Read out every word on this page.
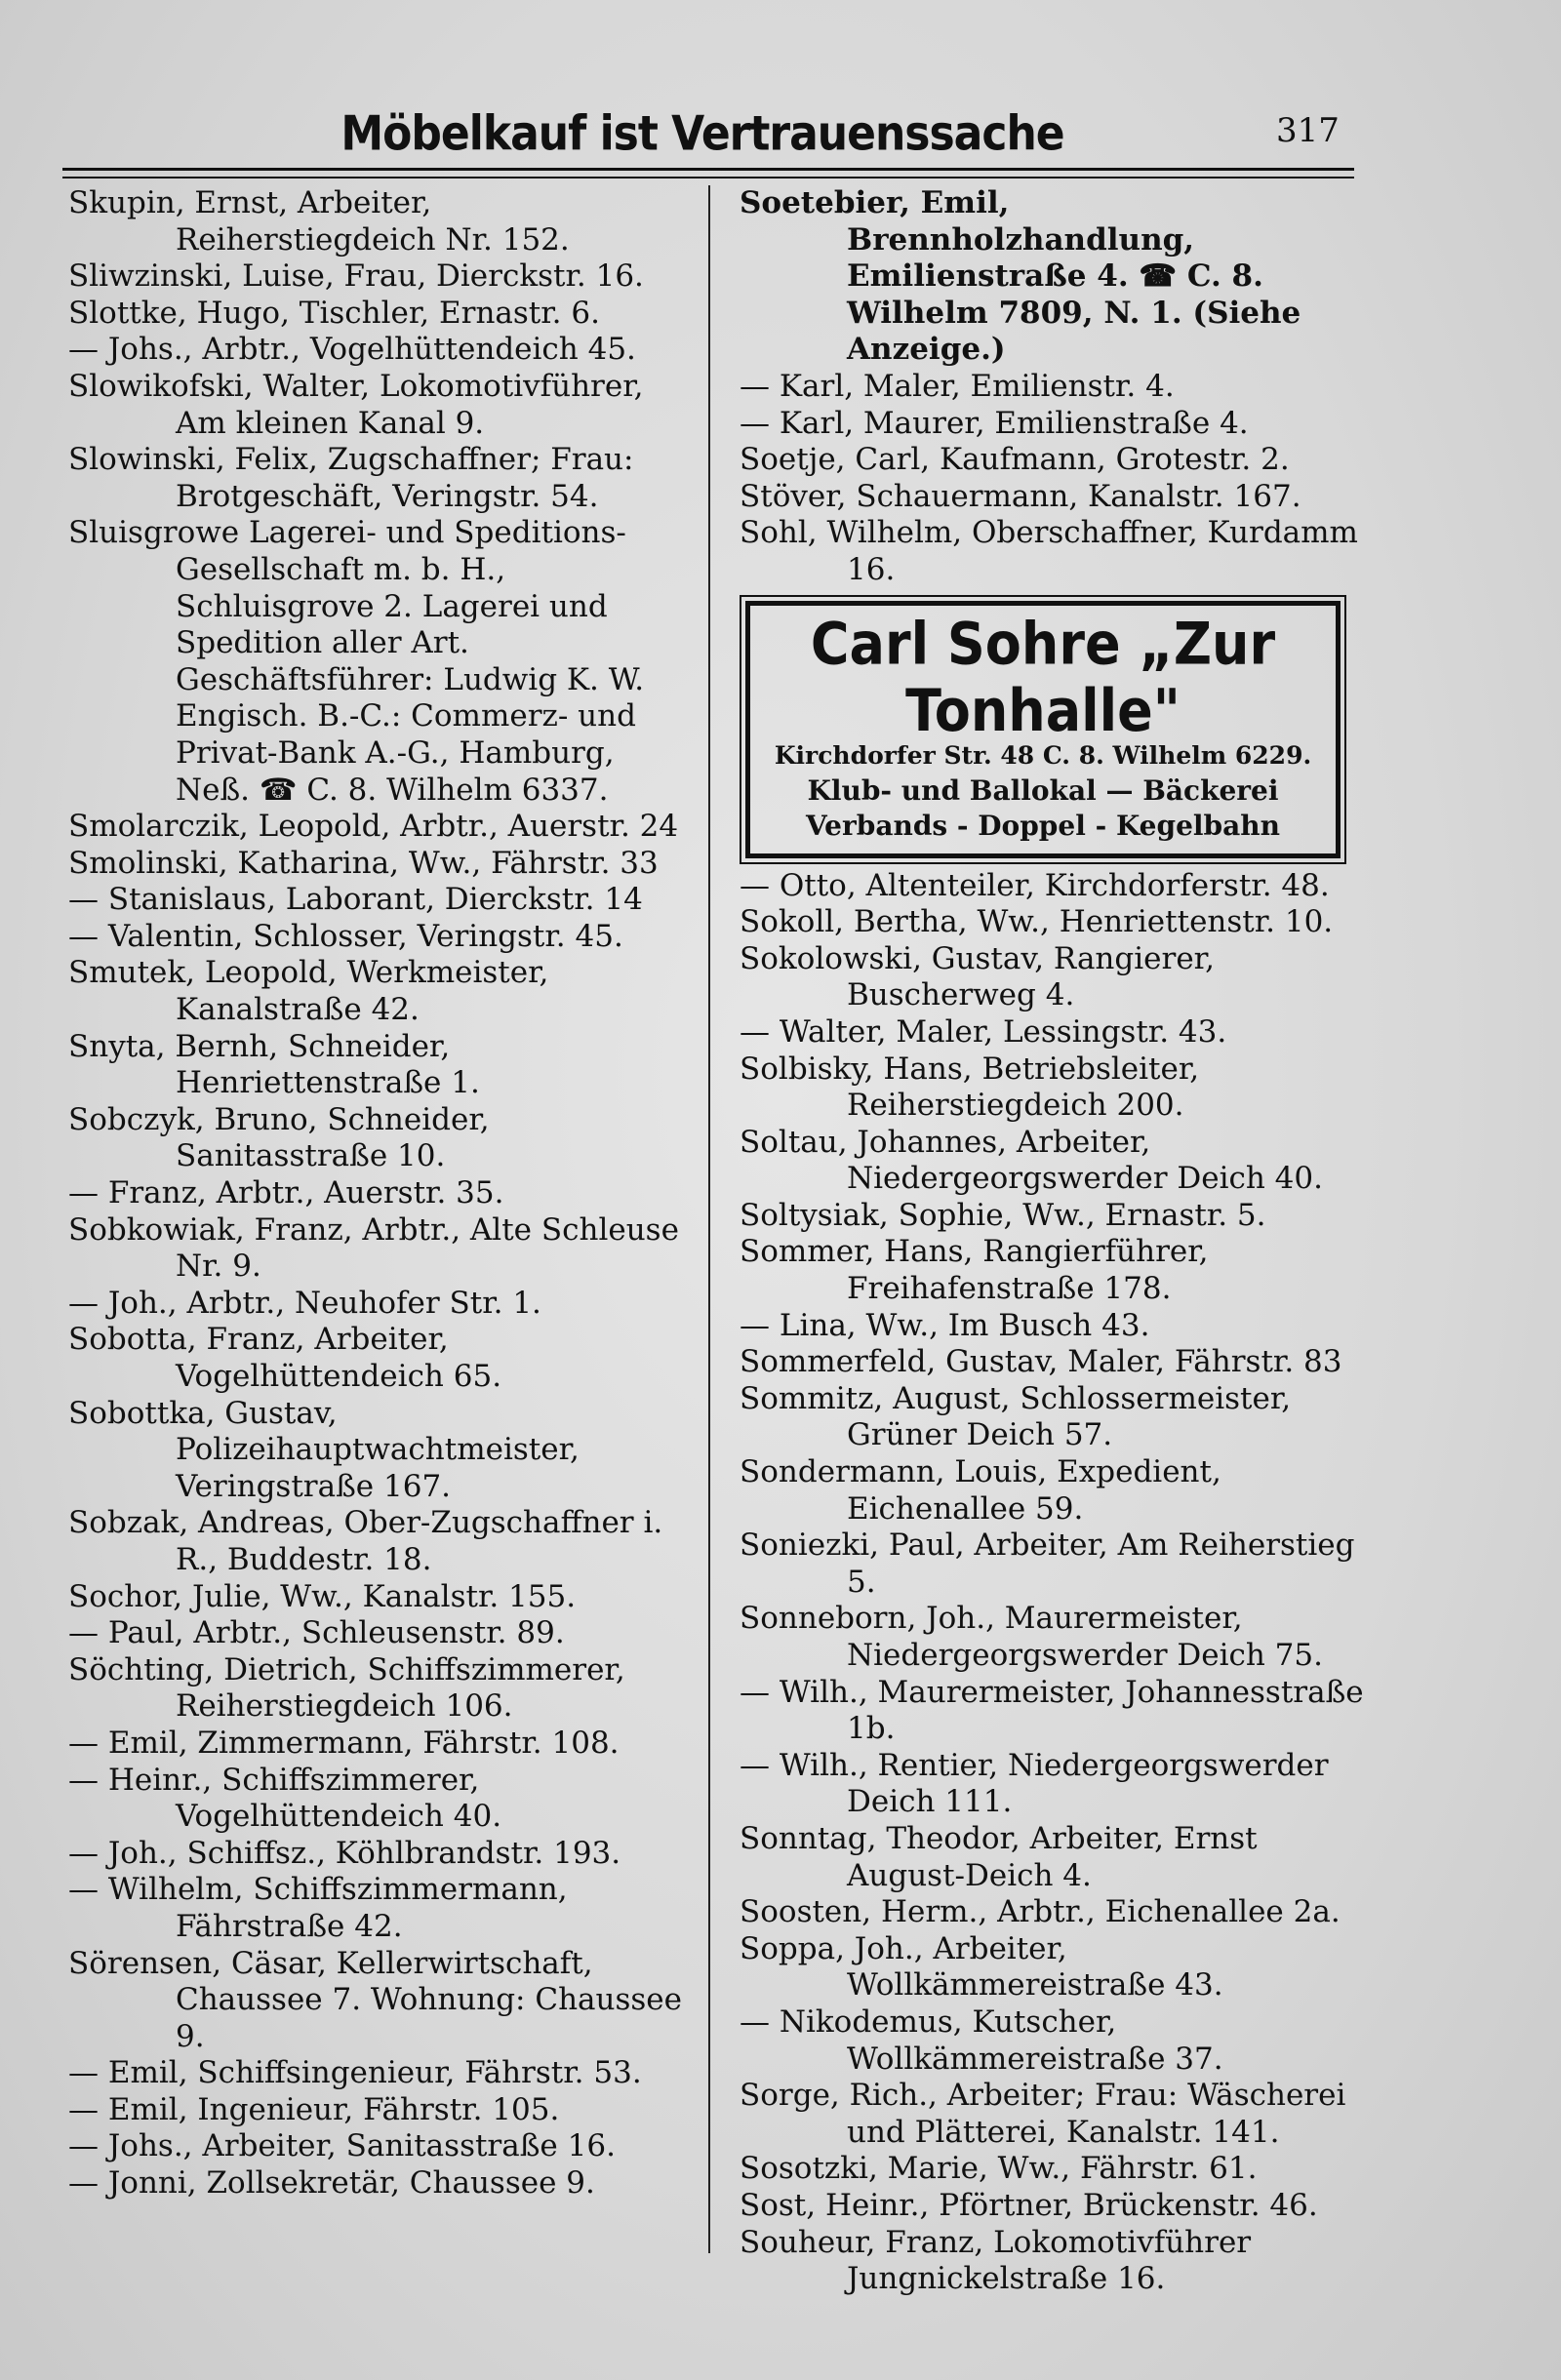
Möbelkauf ist Vertrauenssache	317
Skupin, Ernst, Arbeiter, Reiherstiegdeich Nr. 152.
Sliwzinski, Luise, Frau, Dierckstr. 16.
Slottke, Hugo, Tischler, Ernastr. 6.
— Johs., Arbtr., Vogelhüttendeich 45.
Slowikofski, Walter, Lokomotivführer, Am kleinen Kanal 9.
Slowinski, Felix, Zugschaffner; Frau: Brotgeschäft, Veringstr. 54.
Sluisgrowe Lagerei- und Speditions-Gesellschaft m. b. H., Schluisgrove 2. Lagerei und Spedition aller Art. Geschäftsführer: Ludwig K. W. Engisch. B.-C.: Commerz- und Privat-Bank A.-G., Hamburg, Neß. ☎ C. 8. Wilhelm 6337.
Smolarczik, Leopold, Arbtr., Auerstr. 24
Smolinski, Katharina, Ww., Fährstr. 33
— Stanislaus, Laborant, Dierckstr. 14
— Valentin, Schlosser, Veringstr. 45.
Smutek, Leopold, Werkmeister, Kanalstraße 42.
Snyta, Bernh, Schneider, Henriettenstraße 1.
Sobczyk, Bruno, Schneider, Sanitasstraße 10.
— Franz, Arbtr., Auerstr. 35.
Sobkowiak, Franz, Arbtr., Alte Schleuse Nr. 9.
— Joh., Arbtr., Neuhofer Str. 1.
Sobotta, Franz, Arbeiter, Vogelhüttendeich 65.
Sobottka, Gustav, Polizeihauptwachtmeister, Veringstraße 167.
Sobzak, Andreas, Ober-Zugschaffner i. R., Buddestr. 18.
Sochor, Julie, Ww., Kanalstr. 155.
— Paul, Arbtr., Schleusenstr. 89.
Söchting, Dietrich, Schiffszimmerer, Reiherstiegdeich 106.
— Emil, Zimmermann, Fährstr. 108.
— Heinr., Schiffszimmerer, Vogelhüttendeich 40.
— Joh., Schiffsz., Köhlbrandstr. 193.
— Wilhelm, Schiffszimmermann, Fährstraße 42.
Sörensen, Cäsar, Kellerwirtschaft, Chaussee 7. Wohnung: Chaussee 9.
— Emil, Schiffsingenieur, Fährstr. 53.
— Emil, Ingenieur, Fährstr. 105.
— Johs., Arbeiter, Sanitasstraße 16.
— Jonni, Zollsekretär, Chaussee 9.
Soetebier, Emil, Brennholzhandlung, Emilienstraße 4. ☎ C. 8. Wilhelm 7809, N. 1. (Siehe Anzeige.)
— Karl, Maler, Emilienstr. 4.
— Karl, Maurer, Emilienstraße 4.
Soetje, Carl, Kaufmann, Grotestr. 2.
Stöver, Schauermann, Kanalstr. 167.
Sohl, Wilhelm, Oberschaffner, Kurdamm 16.
Carl Sohre „Zur Tonhalle"
Kirchdorfer Str. 48 C. 8. Wilhelm 6229.
Klub- und Ballokal — Bäckerei
Verbands - Doppel - Kegelbahn
— Otto, Altenteiler, Kirchdorferstr. 48.
Sokoll, Bertha, Ww., Henriettenstr. 10.
Sokolowski, Gustav, Rangierer, Buscherweg 4.
— Walter, Maler, Lessingstr. 43.
Solbisky, Hans, Betriebsleiter, Reiherstiegdeich 200.
Soltau, Johannes, Arbeiter, Niedergeorgswerder Deich 40.
Soltysiak, Sophie, Ww., Ernastr. 5.
Sommer, Hans, Rangierführer, Freihafenstraße 178.
— Lina, Ww., Im Busch 43.
Sommerfeld, Gustav, Maler, Fährstr. 83
Sommitz, August, Schlossermeister, Grüner Deich 57.
Sondermann, Louis, Expedient, Eichenallee 59.
Soniezki, Paul, Arbeiter, Am Reiherstieg 5.
Sonneborn, Joh., Maurermeister, Niedergeorgswerder Deich 75.
— Wilh., Maurermeister, Johannesstraße 1b.
— Wilh., Rentier, Niedergeorgswerder Deich 111.
Sonntag, Theodor, Arbeiter, Ernst August-Deich 4.
Soosten, Herm., Arbtr., Eichenallee 2a.
Soppa, Joh., Arbeiter, Wollkämmereistraße 43.
— Nikodemus, Kutscher, Wollkämmereistraße 37.
Sorge, Rich., Arbeiter; Frau: Wäscherei und Plätterei, Kanalstr. 141.
Sosotzki, Marie, Ww., Fährstr. 61.
Sost, Heinr., Pförtner, Brückenstr. 46.
Souheur, Franz, Lokomotivführer Jungnickelstraße 16.
